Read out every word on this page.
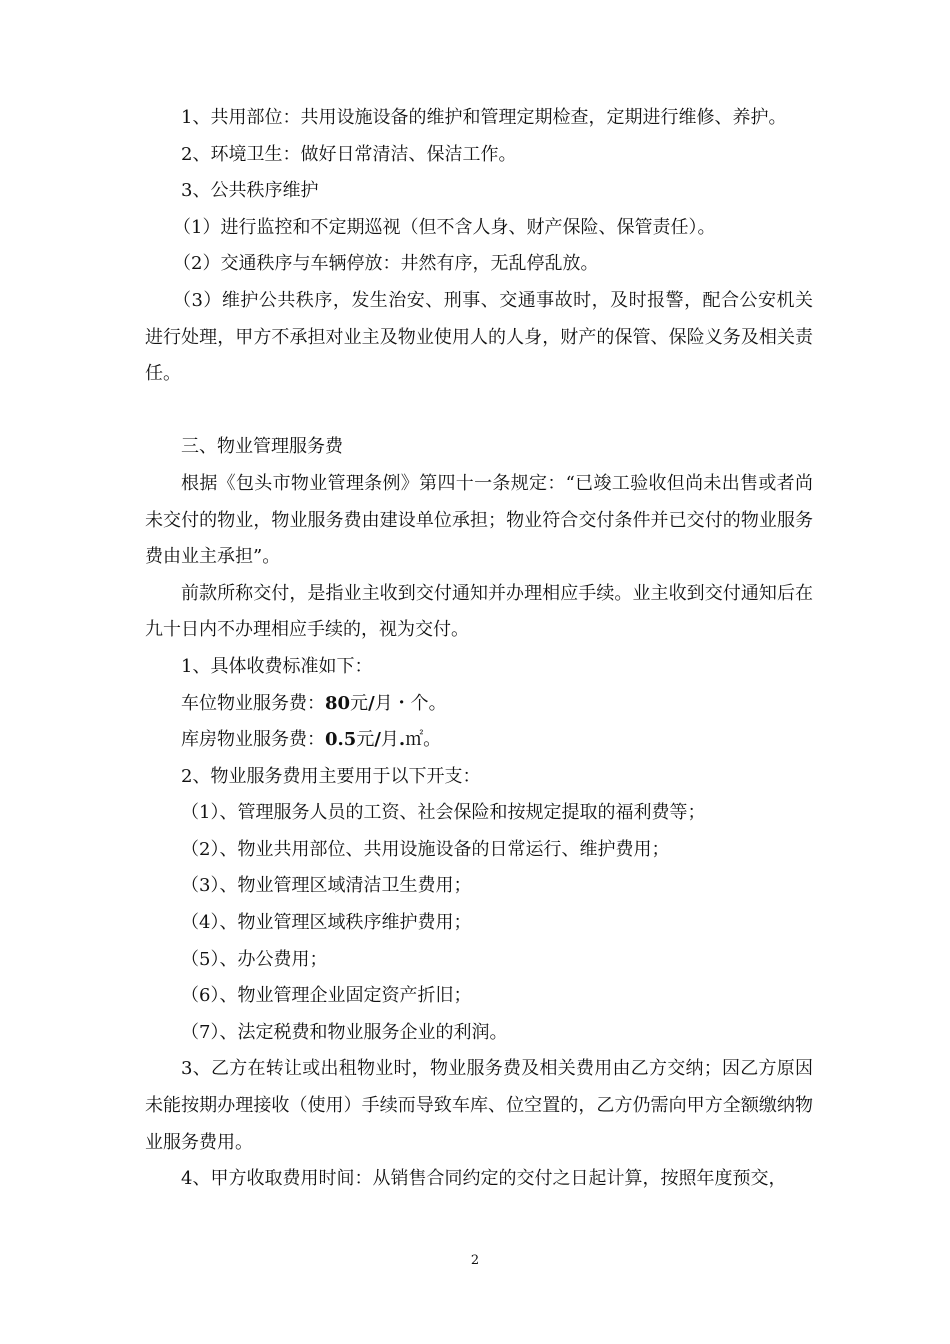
1、共用部位：共用设施设备的维护和管理定期检查，定期进行维修、养护。

2、环境卫生：做好日常清洁、保洁工作。

3、公共秩序维护

（1）进行监控和不定期巡视（但不含人身、财产保险、保管责任）。

（2）交通秩序与车辆停放：井然有序，无乱停乱放。

（3）维护公共秩序，发生治安、刑事、交通事故时，及时报警，配合公安机关进行处理，甲方不承担对业主及物业使用人的人身，财产的保管、保险义务及相关责任。

三、物业管理服务费

根据《包头市物业管理条例》第四十一条规定：“已竣工验收但尚未出售或者尚未交付的物业，物业服务费由建设单位承担；物业符合交付条件并已交付的物业服务费由业主承担”。

前款所称交付，是指业主收到交付通知并办理相应手续。业主收到交付通知后在九十日内不办理相应手续的，视为交付。

1、具体收费标准如下：

车位物业服务费：80元/月・个。

库房物业服务费：0.5元/月.㎡。

2、物业服务费用主要用于以下开支：

（1）、管理服务人员的工资、社会保险和按规定提取的福利费等；

（2）、物业共用部位、共用设施设备的日常运行、维护费用；

（3）、物业管理区域清洁卫生费用；

（4）、物业管理区域秩序维护费用；

（5）、办公费用；

（6）、物业管理企业固定资产折旧；

（7）、法定税费和物业服务企业的利润。

3、乙方在转让或出租物业时，物业服务费及相关费用由乙方交纳；因乙方原因未能按期办理接收（使用）手续而导致车库、位空置的，乙方仍需向甲方全额缴纳物业服务费用。

4、甲方收取费用时间：从销售合同约定的交付之日起计算，按照年度预交，

2
